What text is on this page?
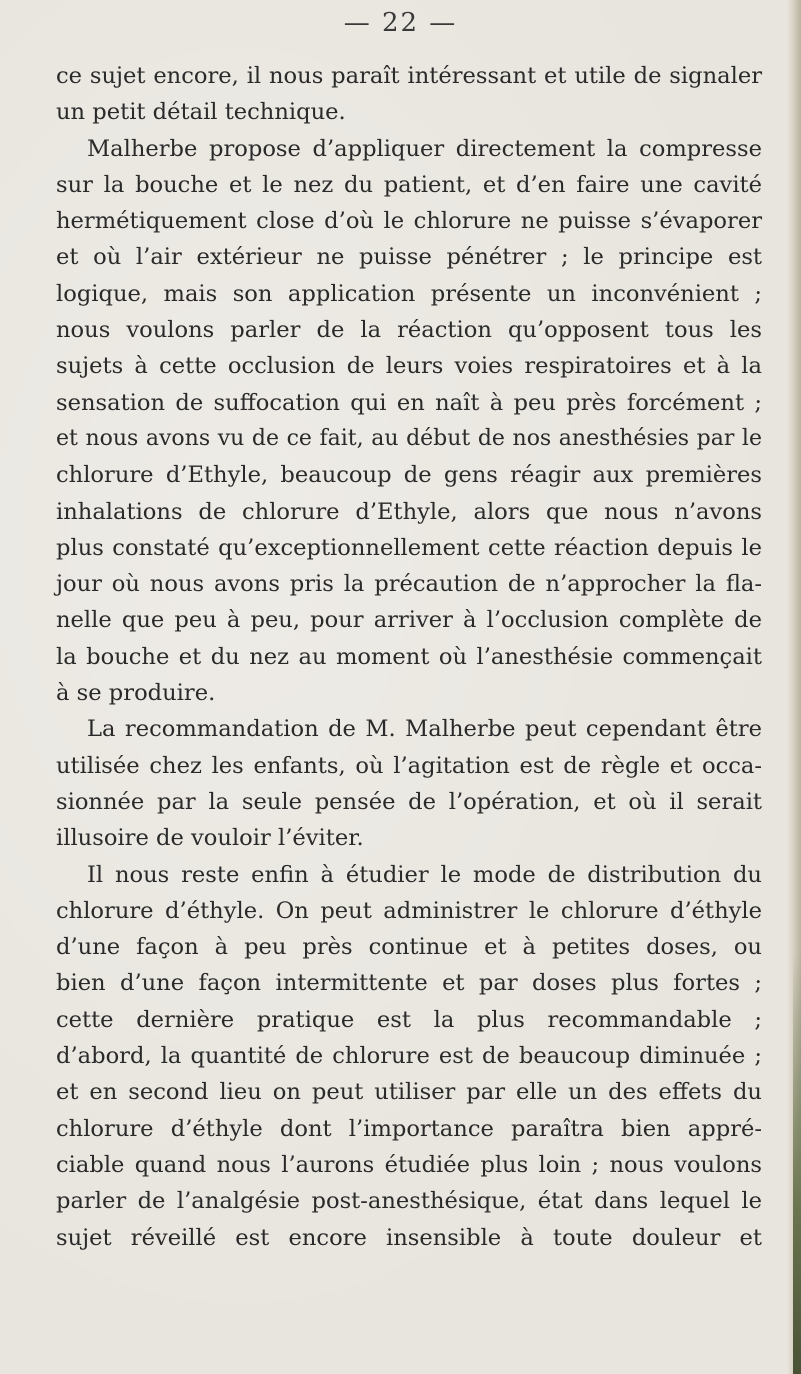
— 22 —
ce sujet encore, il nous paraît intéressant et utile de signaler
un petit détail technique.
Malherbe propose d’appliquer directement la compresse
sur la bouche et le nez du patient, et d’en faire une cavité
hermétiquement close d’où le chlorure ne puisse s’évaporer
et où l’air extérieur ne puisse pénétrer ; le principe est
logique, mais son application présente un inconvénient ;
nous voulons parler de la réaction qu’opposent tous les
sujets à cette occlusion de leurs voies respiratoires et à la
sensation de suffocation qui en naît à peu près forcément ;
et nous avons vu de ce fait, au début de nos anesthésies par le
chlorure d’Ethyle, beaucoup de gens réagir aux premières
inhalations de chlorure d’Ethyle, alors que nous n’avons
plus constaté qu’exceptionnellement cette réaction depuis le
jour où nous avons pris la précaution de n’approcher la fla-
nelle que peu à peu, pour arriver à l’occlusion complète de
la bouche et du nez au moment où l’anesthésie commençait
à se produire.
La recommandation de M. Malherbe peut cependant être
utilisée chez les enfants, où l’agitation est de règle et occa-
sionnée par la seule pensée de l’opération, et où il serait
illusoire de vouloir l’éviter.
Il nous reste enfin à étudier le mode de distribution du
chlorure d’éthyle. On peut administrer le chlorure d’éthyle
d’une façon à peu près continue et à petites doses, ou
bien d’une façon intermittente et par doses plus fortes ;
cette dernière pratique est la plus recommandable ;
d’abord, la quantité de chlorure est de beaucoup diminuée ;
et en second lieu on peut utiliser par elle un des effets du
chlorure d’éthyle dont l’importance paraîtra bien appré-
ciable quand nous l’aurons étudiée plus loin ; nous voulons
parler de l’analgésie post-anesthésique, état dans lequel le
sujet réveillé est encore insensible à toute douleur et
